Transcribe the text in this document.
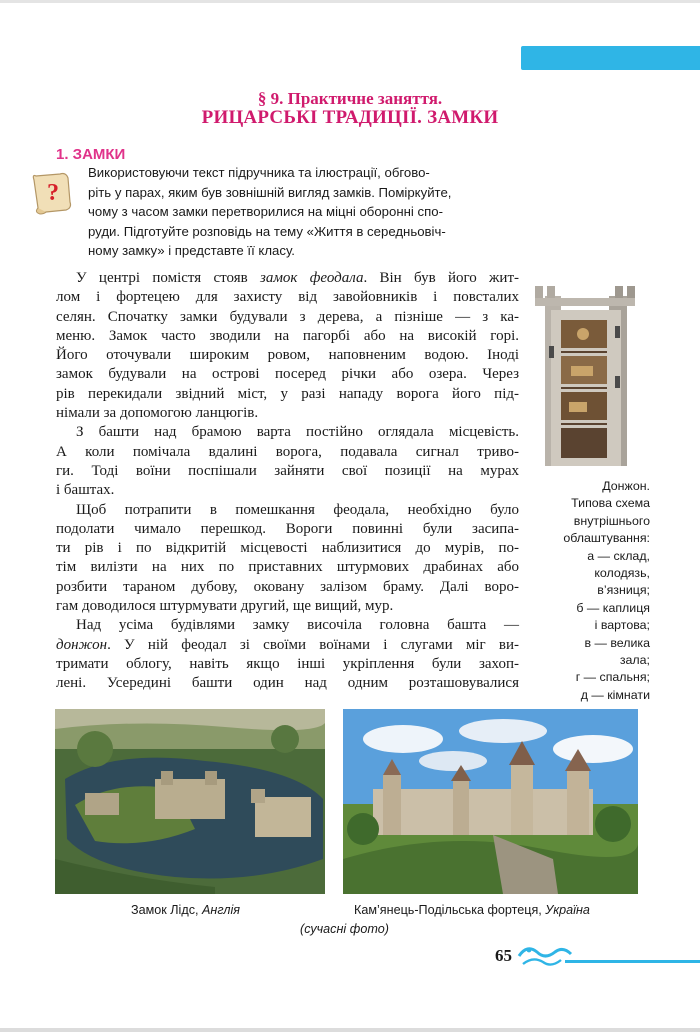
§ 9. Практичне заняття.
РИЦАРСЬКІ ТРАДИЦІЇ. ЗАМКИ
1. ЗАМКИ
?
Використовуючи текст підручника та ілюстрації, обгово-
ріть у парах, яким був зовнішній вигляд замків. Поміркуйте,
чому з часом замки перетворилися на міцні оборонні спо-
руди. Підготуйте розповідь на тему «Життя в середньовіч-
ному замку» і представте її класу.
У центрі помістя стояв замок феодала. Він був його жит-
лом і фортецею для захисту від завойовників і повсталих
селян. Спочатку замки будували з дерева, а пізніше — з ка-
меню. Замок часто зводили на пагорбі або на високій горі.
Його оточували широким ровом, наповненим водою. Іноді
замок будували на острові посеред річки або озера. Через
рів перекидали звідний міст, у разі нападу ворога його під-
німали за допомогою ланцюгів.
З башти над брамою варта постійно оглядала місцевість.
А коли помічала вдалині ворога, подавала сигнал триво-
ги. Тоді воїни поспішали зайняти свої позиції на мурах
і баштах.
Щоб потрапити в помешкання феодала, необхідно було
подолати чимало перешкод. Вороги повинні були засипа-
ти рів і по відкритій місцевості наблизитися до мурів, по-
тім вилізти на них по приставних штурмових драбинах або
розбити тараном дубову, оковану залізом браму. Далі воро-
гам доводилося штурмувати другий, ще вищий, мур.
Над усіма будівлями замку височіла головна башта —
донжон. У ній феодал зі своїми воїнами і слугами міг ви-
тримати облогу, навіть якщо інші укріплення були захоп-
лені. Усередині башти один над одним розташовувалися
Донжон.
Типова схема
внутрішнього
облаштування:
а — склад,
колодязь,
в’язниця;
б — каплиця
і вартова;
в — велика
зала;
г — спальня;
д — кімнати
Замок Лідс, Англія	Кам’янець-Подільська фортеця, Україна
(сучасні фото)
65
